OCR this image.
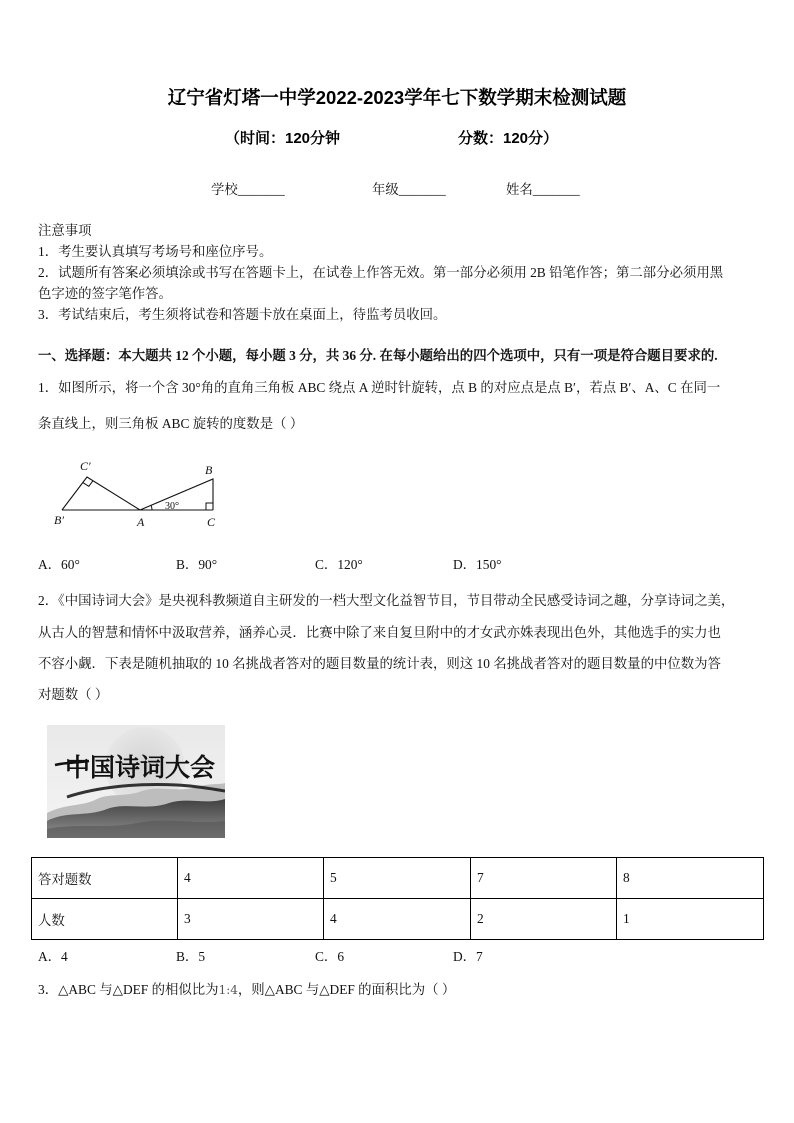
辽宁省灯塔一中学2022-2023学年七下数学期末检测试题
（时间：120分钟	分数：120分）
学校_______	年级_______	姓名_______
注意事项
1．考生要认真填写考场号和座位序号。
2．试题所有答案必须填涂或书写在答题卡上，在试卷上作答无效。第一部分必须用 2B 铅笔作答；第二部分必须用黑
色字迹的签字笔作答。
3．考试结束后，考生须将试卷和答题卡放在桌面上，待监考员收回。
一、选择题：本大题共 12 个小题，每小题 3 分，共 36 分. 在每小题给出的四个选项中，只有一项是符合题目要求的.
1．如图所示，将一个含 30°角的直角三角板 ABC 绕点 A 逆时针旋转，点 B 的对应点是点 B′，若点 B′、A、C 在同一
条直线上，则三角板 ABC 旋转的度数是（ ）
C′	B
30°
B′	A	C
A．60°	B．90°	C．120°	D．150°
2．《中国诗词大会》是央视科教频道自主研发的一档大型文化益智节目，节目带动全民感受诗词之趣，分享诗词之美，
从古人的智慧和情怀中汲取营养，涵养心灵．比赛中除了来自复旦附中的才女武亦姝表现出色外，其他选手的实力也
不容小觑．下表是随机抽取的 10 名挑战者答对的题目数量的统计表，则这 10 名挑战者答对的题目数量的中位数为答
对题数（ ）
中国诗词大会
答对题数	4	5	7	8
人数	3	4	2	1
A．4	B．5	C．6	D．7
3．△ABC 与△DEF 的相似比为1:4，则△ABC 与△DEF 的面积比为（ ）
